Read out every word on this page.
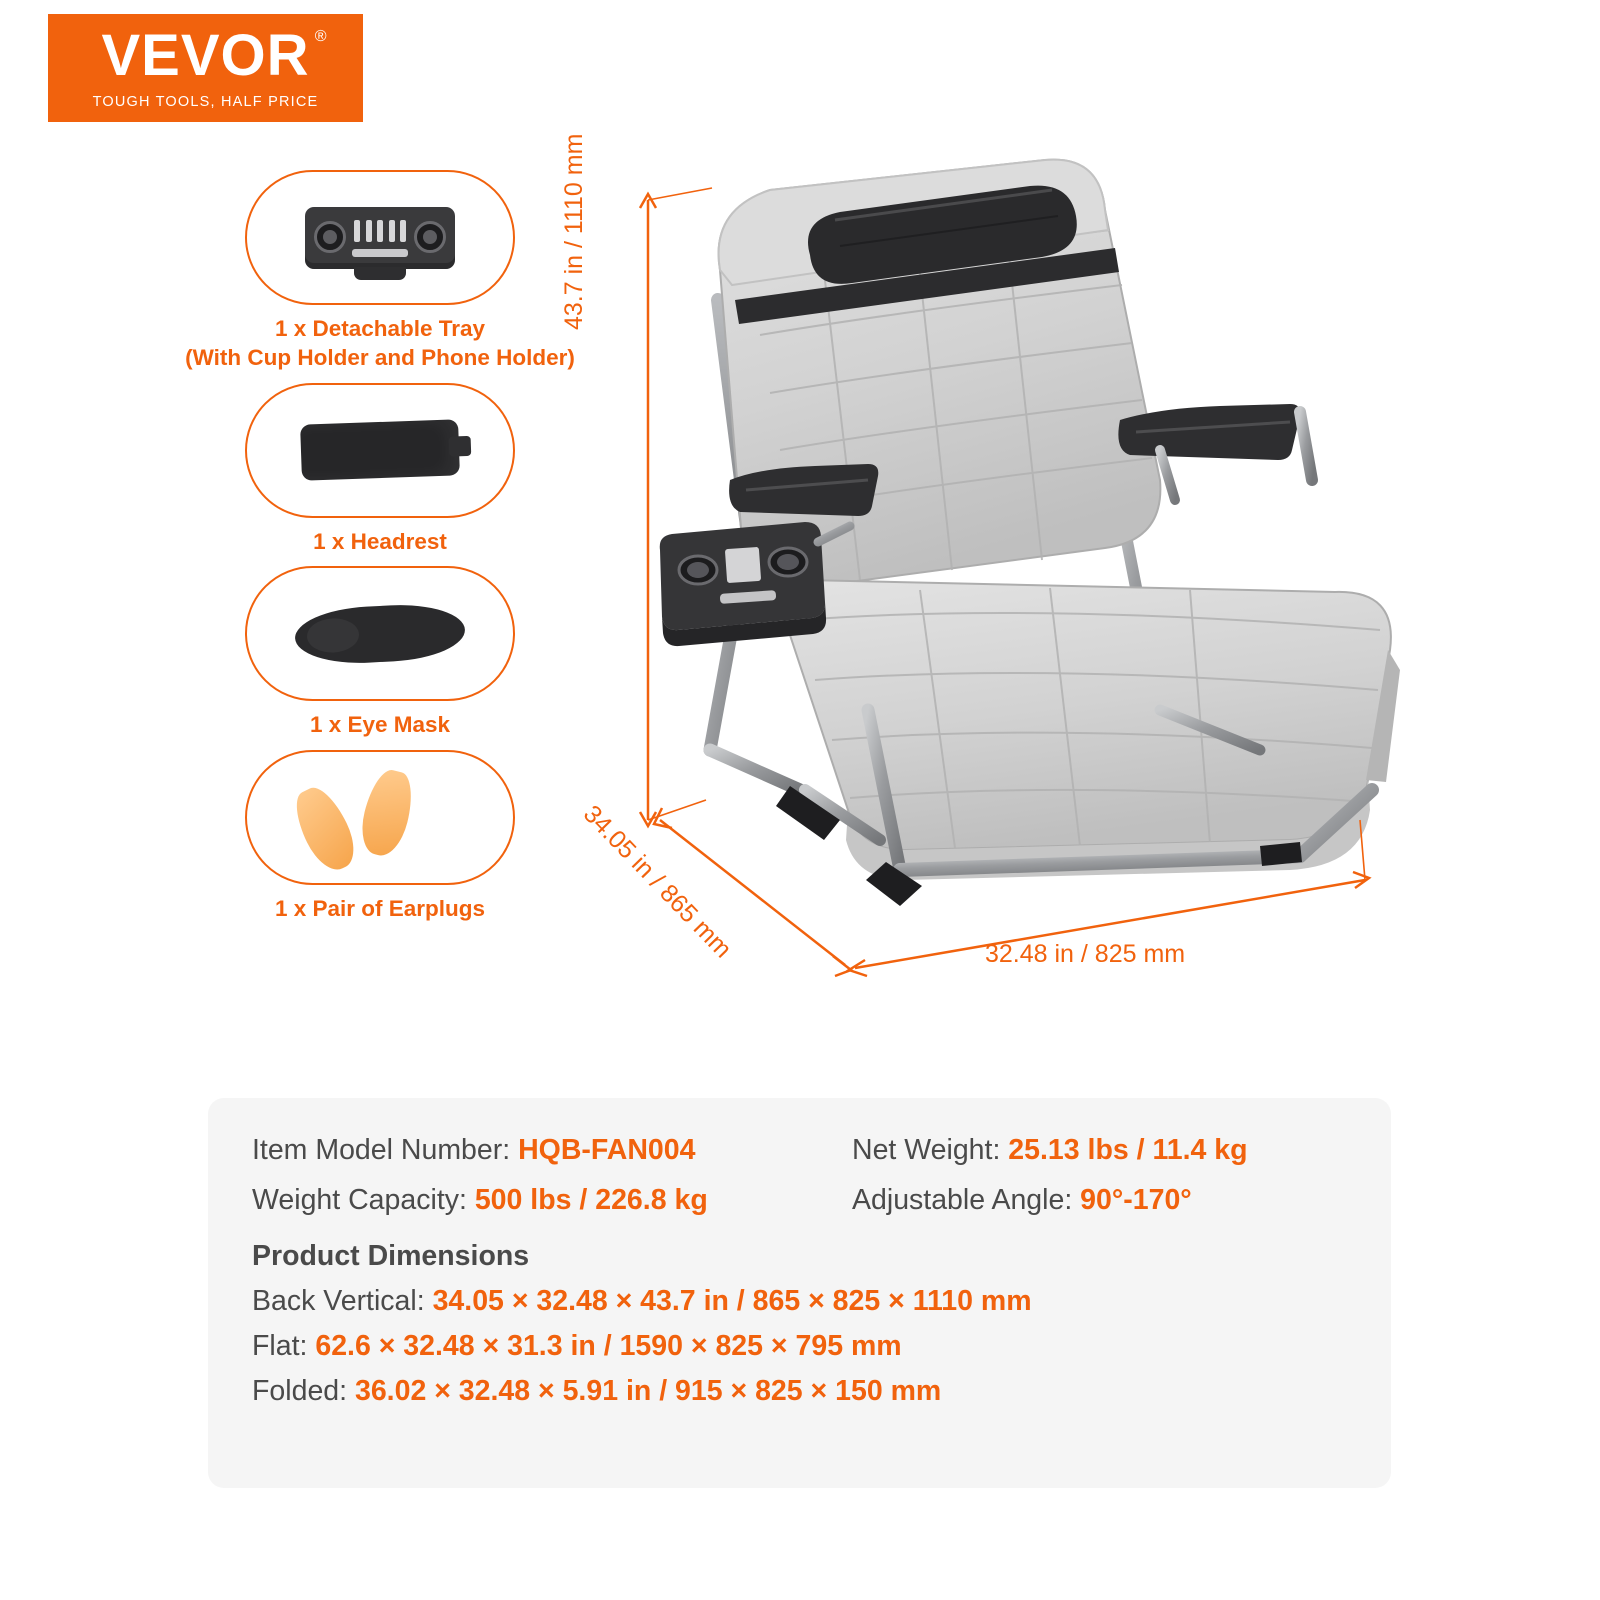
VEVOR ®
TOUGH TOOLS, HALF PRICE
1 x Detachable Tray
(With Cup Holder and Phone Holder)
1 x Headrest
1 x Eye Mask
1 x Pair of Earplugs
43.7 in / 1110 mm
34.05 in / 865 mm	32.48 in / 825 mm
Item Model Number: HQB-FAN004	Net Weight: 25.13 lbs / 11.4 kg
Weight Capacity: 500 lbs / 226.8 kg	Adjustable Angle: 90°-170°
Product Dimensions
Back Vertical: 34.05 × 32.48 × 43.7 in / 865 × 825 × 1110 mm
Flat: 62.6 × 32.48 × 31.3 in / 1590 × 825 × 795 mm
Folded: 36.02 × 32.48 × 5.91 in / 915 × 825 × 150 mm
